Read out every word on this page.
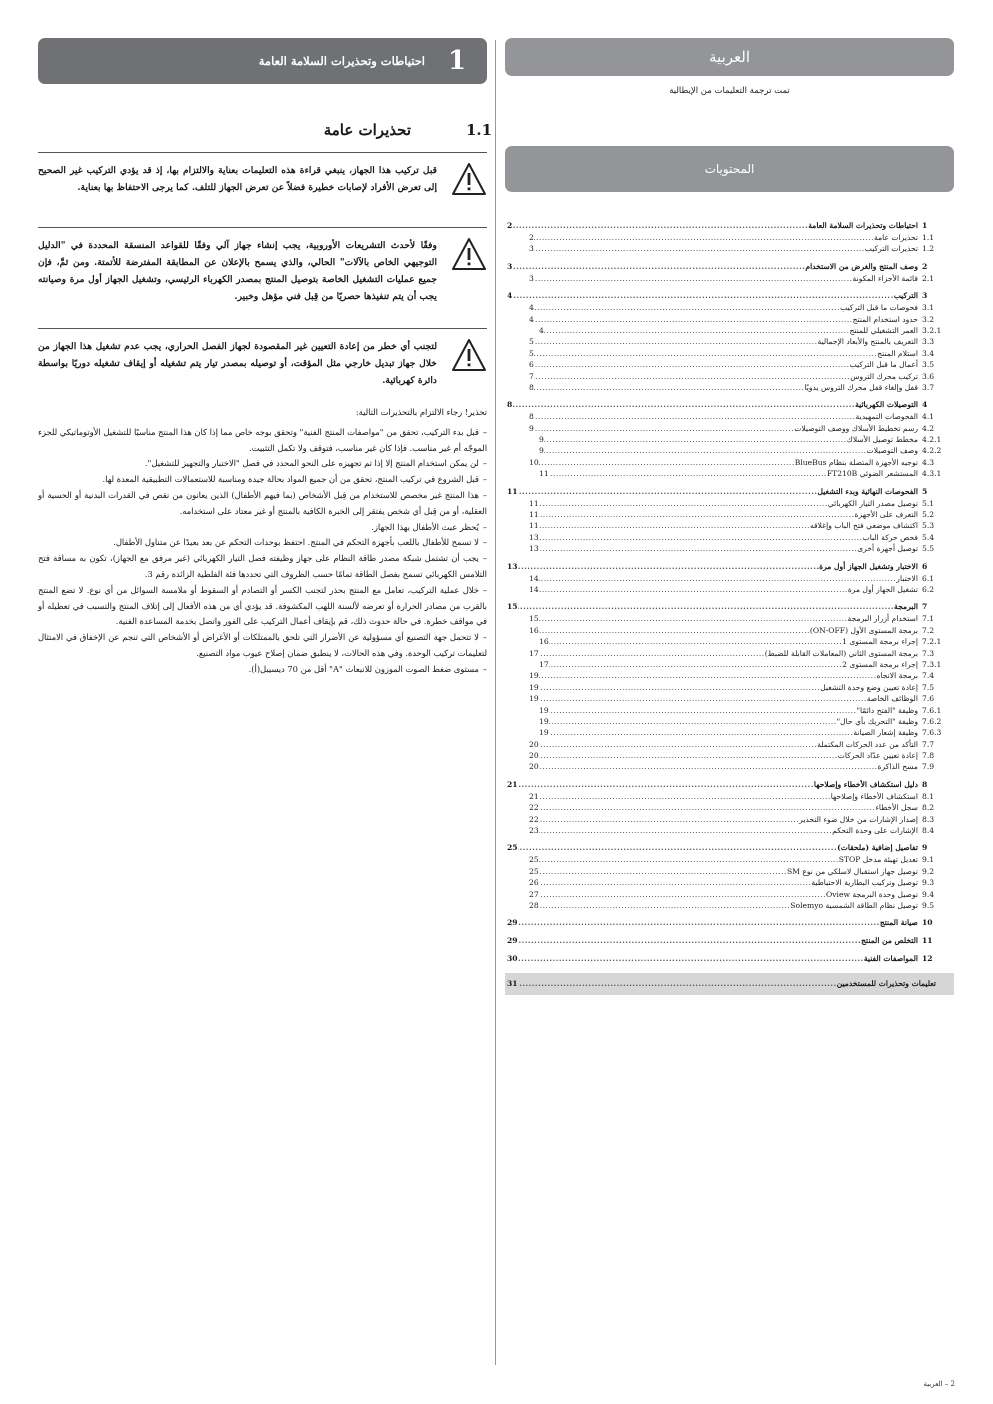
العربية
تمت ترجمة التعليمات من الإيطالية
المحتويات
1
احتياطات وتحذيرات السلامة العامة
.....
2
1.1
تحذيرات عامة
.....
2
1.2
تحذيرات التركيب
.....
3
2
وصف المنتج والغرض من الاستخدام
.....
3
2.1
قائمة الأجزاء المكونة
.....
3
3
التركيب
.....
4
3.1
فحوصات ما قبل التركيب
.....
4
3.2
حدود استخدام المنتج
.....
4
3.2.1
العمر التشغيلي للمنتج
.....
4
3.3
التعريف بالمنتج والأبعاد الإجمالية
.....
5
3.4
استلام المنتج
.....
5
3.5
أعمال ما قبل التركيب
.....
6
3.6
تركيب محرك التروس
.....
7
3.7
قفل وإلغاء قفل محرك التروس يدويًا
.....
8
4
التوصيلات الكهربائية
.....
8
4.1
الفحوصات التمهيدية
.....
8
4.2
رسم تخطيط الأسلاك ووصف التوصيلات
.....
9
4.2.1
مخطط توصيل الأسلاك
.....
9
4.2.2
وصف التوصيلات
.....
9
4.3
توجيه الأجهزة المتصلة بنظام BlueBus
.....
10
4.3.1
المستشعر الضوئي FT210B
.....
11
5
الفحوصات النهائية وبدء التشغيل
.....
11
5.1
توصيل مصدر التيار الكهربائي
.....
11
5.2
التعرف على الأجهزة
.....
11
5.3
اكتشاف موضعي فتح الباب وإغلاقه
.....
11
5.4
فحص حركة الباب
.....
13
5.5
توصيل أجهزة أخرى
.....
13
6
الاختبار وتشغيل الجهاز أول مرة.
.....
13
6.1
الاختبار
.....
14
6.2
تشغيل الجهاز أول مرة
.....
14
7
البرمجة
.....
15
7.1
استخدام أزرار البرمجة
.....
15
7.2
برمجة المستوى الأول (ON-OFF)
.....
16
7.2.1
إجراء برمجة المستوى 1
.....
16
7.3
برمجة المستوى الثاني (المعاملات القابلة للضبط)
.....
17
7.3.1
إجراء برمجة المستوى 2
.....
17
7.4
برمجة الاتجاه
.....
19
7.5
إعادة تعيين وضع وحدة التشغيل
.....
19
7.6
الوظائف الخاصة
.....
19
7.6.1
وظيفة "الفتح دائمًا"
.....
19
7.6.2
وظيفة "التحريك بأي حال"
.....
19
7.6.3
وظيفة إشعار الصيانة
.....
19
7.7
التأكد من عدد الحركات المكتملة
.....
20
7.8
إعادة تعيين عدّاد الحركات
.....
20
7.9
مسح الذاكرة
.....
20
8
دليل استكشاف الأخطاء وإصلاحها
.....
21
8.1
استكشاف الأخطاء وإصلاحها
.....
21
8.2
سجل الأخطاء
.....
22
8.3
إصدار الإشارات من خلال ضوء التحذير
.....
22
8.4
الإشارات على وحدة التحكم
.....
23
9
تفاصيل إضافية (ملحقات)
.....
25
9.1
تعديل تهيئة مدخل STOP
.....
25
9.2
توصيل جهاز استقبال لاسلكي من نوع SM
.....
25
9.3
توصيل وتركيب البطارية الاحتياطية
.....
26
9.4
توصيل وحدة البرمجة Oview
.....
27
9.5
توصيل نظام الطاقة الشمسية Solemyo
.....
28
10
صيانة المنتج
.....
29
11
التخلص من المنتج
.....
29
12
المواصفات الفنية
.....
30
تعليمات وتحذيرات للمستخدمين
.....
31
1
احتياطات وتحذيرات السلامة العامة
1.1
تحذيرات عامة
قبل تركيب هذا الجهاز، ينبغي قراءة هذه التعليمات بعناية والالتزام بها، إذ قد يؤدي التركيب غير الصحيح إلى تعرض الأفراد لإصابات خطيرة فضلاً عن تعرض الجهاز للتلف. كما يرجى الاحتفاظ بها بعناية.
وفقًا لأحدث التشريعات الأوروبية، يجب إنشاء جهاز آلي وفقًا للقواعد المنسقة المحددة في "الدليل التوجيهي الخاص بالآلات" الحالي، والذي يسمح بالإعلان عن المطابقة المفترضة للأتمتة. ومن ثمَّ، فإن جميع عمليات التشغيل الخاصة بتوصيل المنتج بمصدر الكهرباء الرئيسي، وتشغيل الجهاز أول مرة وصيانته يجب أن يتم تنفيذها حصريًا من قِبل فني مؤهل وخبير.
لتجنب أي خطر من إعادة التعيين غير المقصودة لجهاز الفصل الحراري، يجب عدم تشغيل هذا الجهاز من خلال جهاز تبديل خارجي مثل المؤقت، أو توصيله بمصدر تيار يتم تشغيله أو إيقاف تشغيله دوريًا بواسطة دائرة كهربائية.

تحذير! رجاء الالتزام بالتحذيرات التالية:

–قبل بدء التركيب، تحقق من "مواصفات المنتج الفنية" وتحقق بوجه خاص مما إذا كان هذا المنتج مناسبًا للتشغيل الأوتوماتيكي للجزء الموجّه أم غير مناسب. فإذا كان غير مناسب، فتوقف ولا تكمل التثبيت.
–لن يمكن استخدام المنتج إلا إذا تم تجهيزه على النحو المحدد في فصل "الاختبار والتجهيز للتشغيل".
–قبل الشروع في تركيب المنتج، تحقق من أن جميع المواد بحالة جيدة ومناسبة للاستعمالات التطبيقية المعدة لها.
–هذا المنتج غير مخصص للاستخدام من قِبل الأشخاص (بما فيهم الأطفال) الذين يعانون من نقص في القدرات البدنية أو الحسية أو العقلية، أو من قِبل أي شخص يفتقر إلى الخبرة الكافية بالمنتج أو غير معتاد على استخدامه.
–يُحظر عبث الأطفال بهذا الجهاز.
–لا تسمح للأطفال باللعب بأجهزة التحكم في المنتج. احتفظ بوحدات التحكم عن بعد بعيدًا عن متناول الأطفال.
–يجب أن تشتمل شبكة مصدر طاقة النظام على جهاز وظيفته فصل التيار الكهربائي (غير مرفق مع الجهاز)، تكون به مسافة فتح التلامس الكهربائي تسمح بفصل الطاقة تمامًا حسب الظروف التي تحددها فئة الفلطية الزائدة رقم 3.
–خلال عملية التركيب، تعامل مع المنتج بحذر لتجنب الكسر أو التصادم أو السقوط أو ملامسة السوائل من أي نوع. لا تضع المنتج بالقرب من مصادر الحرارة أو تعرضه لألسنة اللهب المكشوفة. قد يؤدي أي من هذه الأفعال إلى إتلاف المنتج والتسبب في تعطيله أو في مواقف خطرة. في حالة حدوث ذلك، قم بإيقاف أعمال التركيب على الفور واتصل بخدمة المساعدة الفنية.
–لا تتحمل جهة التصنيع أي مسؤولية عن الأضرار التي تلحق بالممتلكات أو الأغراض أو الأشخاص التي تنجم عن الإخفاق في الامتثال لتعليمات تركيب الوحدة. وفي هذه الحالات، لا ينطبق ضمان إصلاح عيوب مواد التصنيع.
–مستوى ضغط الصوت الموزون للانبعاث "A" أقل من 70 ديسيبل(أ).
2 – العربية
